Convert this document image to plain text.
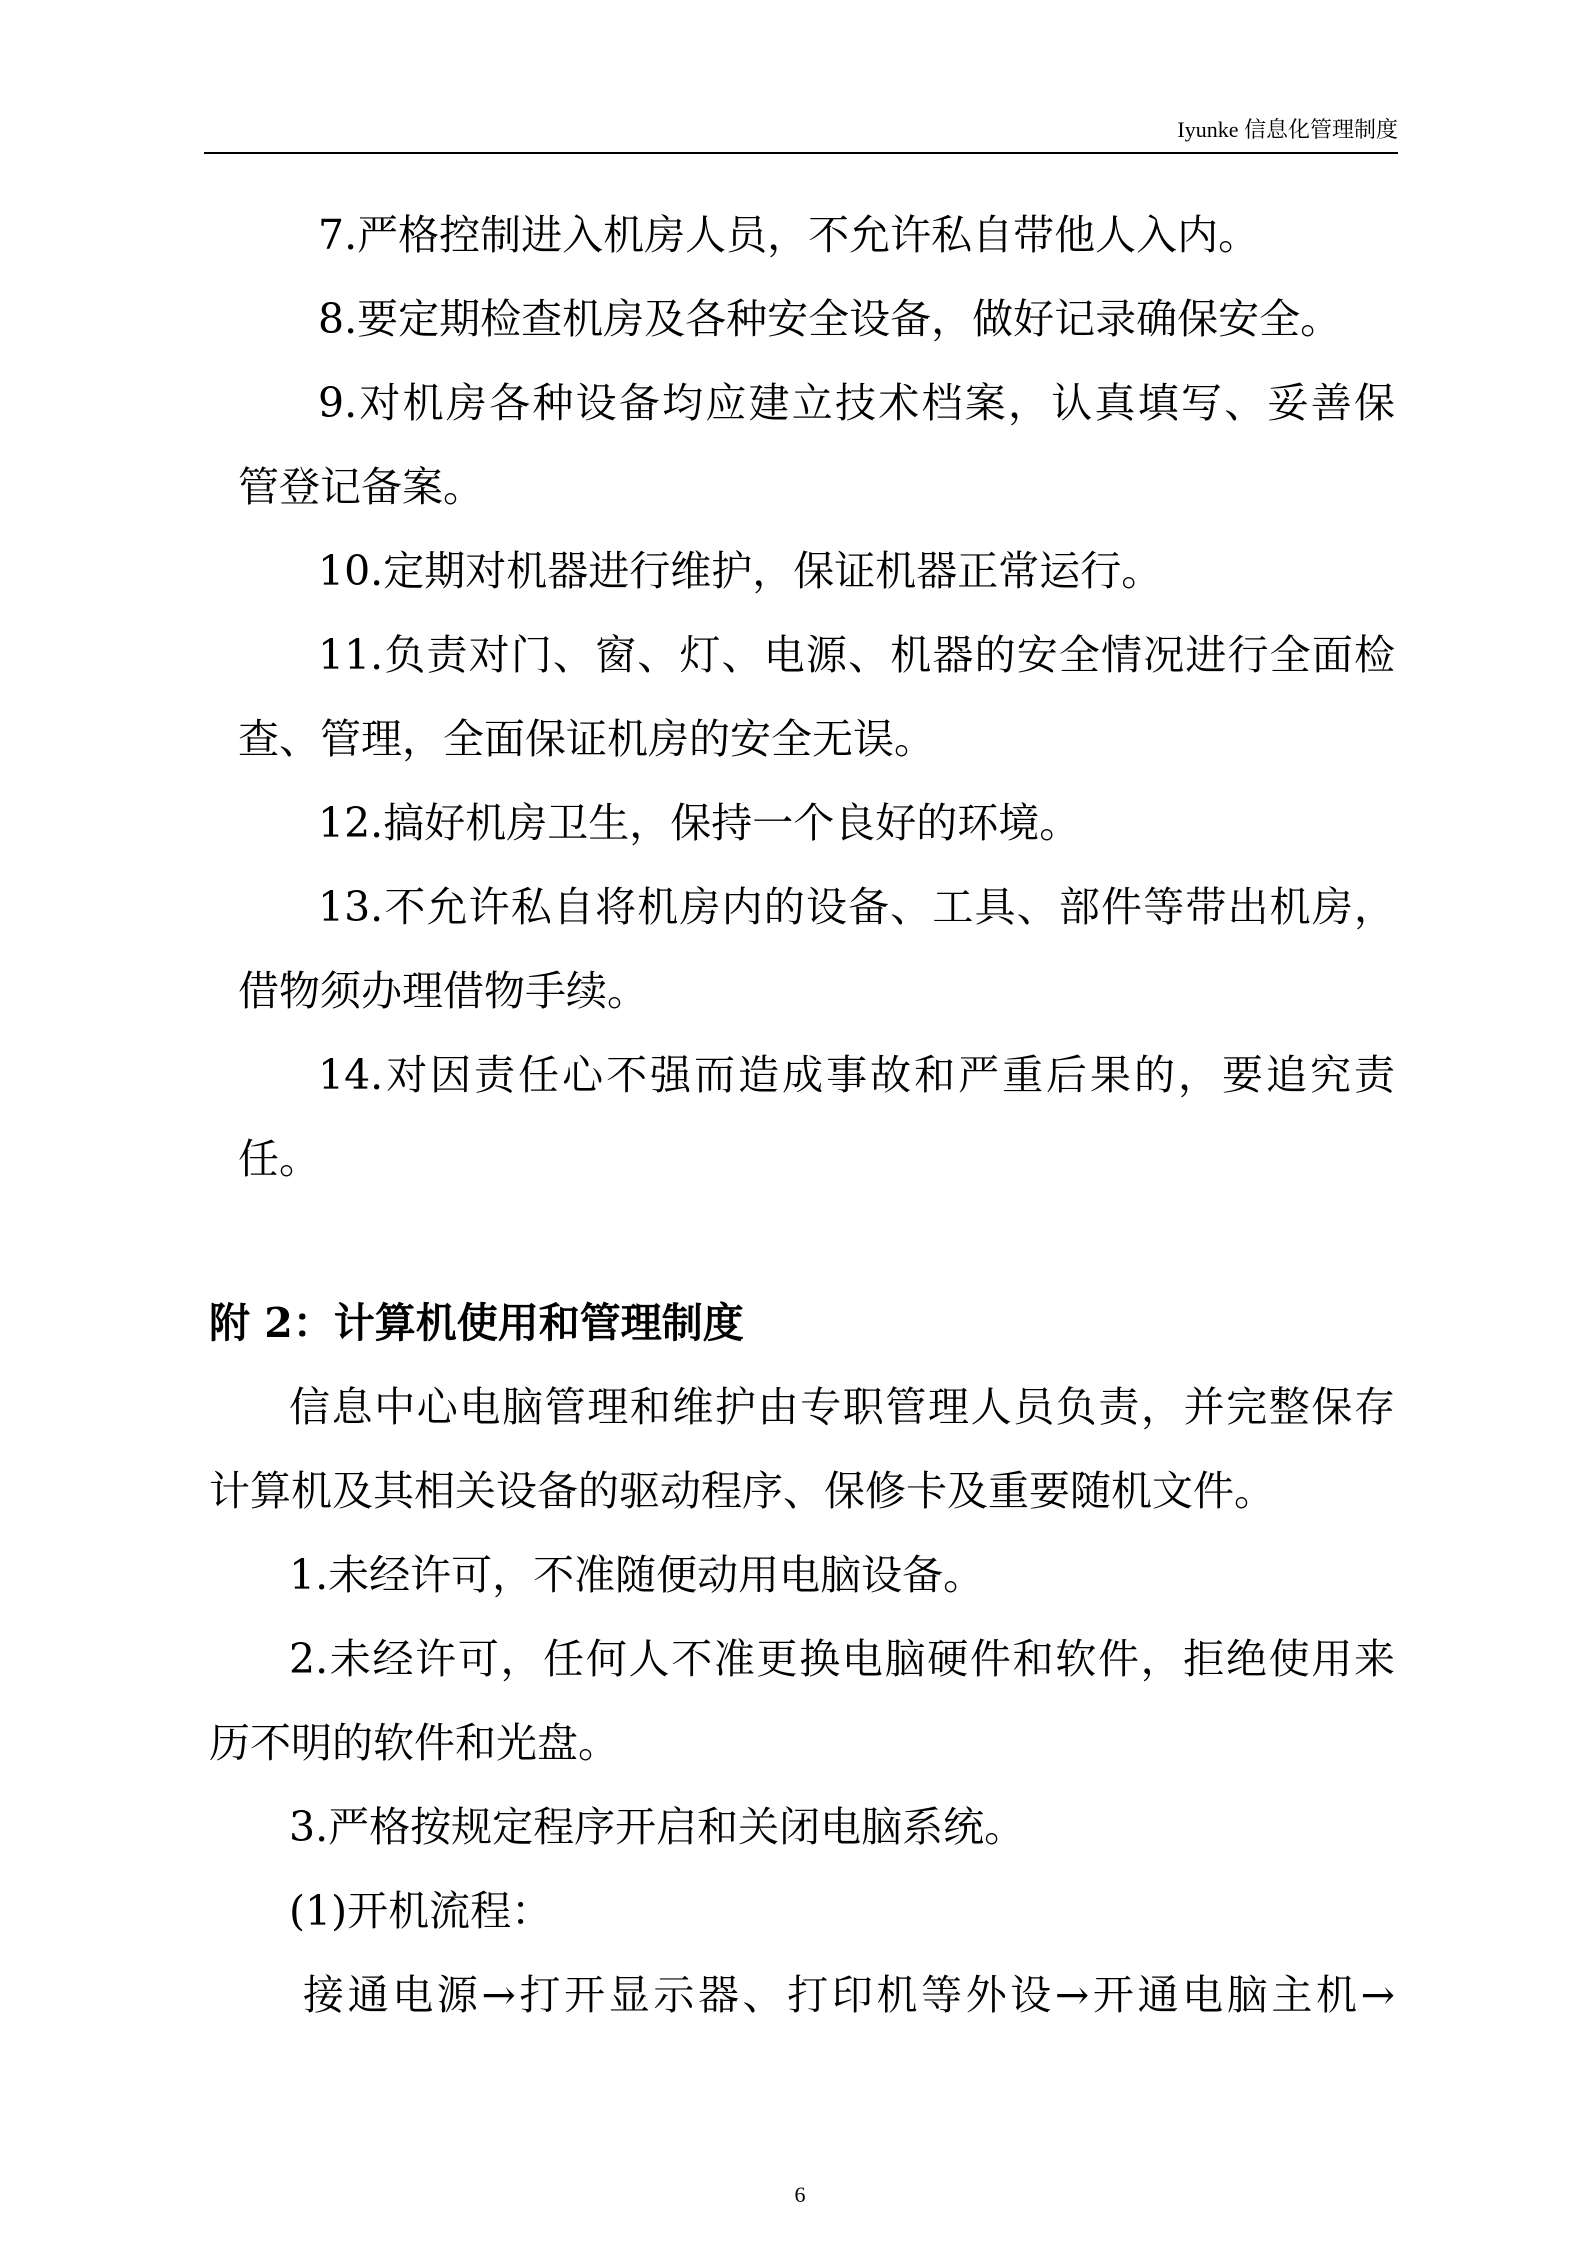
Iyunke 信息化管理制度
7.严格控制进入机房人员，不允许私自带他人入内。
8.要定期检查机房及各种安全设备，做好记录确保安全。
9.对机房各种设备均应建立技术档案，认真填写、妥善保
管登记备案。
10.定期对机器进行维护，保证机器正常运行。
11.负责对门、窗、灯、电源、机器的安全情况进行全面检
查、管理，全面保证机房的安全无误。
12.搞好机房卫生，保持一个良好的环境。
13.不允许私自将机房内的设备、工具、部件等带出机房，
借物须办理借物手续。
14.对因责任心不强而造成事故和严重后果的，要追究责
任。
附 2：计算机使用和管理制度
信息中心电脑管理和维护由专职管理人员负责，并完整保存
计算机及其相关设备的驱动程序、保修卡及重要随机文件。
1.未经许可，不准随便动用电脑设备。
2.未经许可，任何人不准更换电脑硬件和软件，拒绝使用来
历不明的软件和光盘。
3.严格按规定程序开启和关闭电脑系统。
(1)开机流程：
接通电源→打开显示器、打印机等外设→开通电脑主机→
6
